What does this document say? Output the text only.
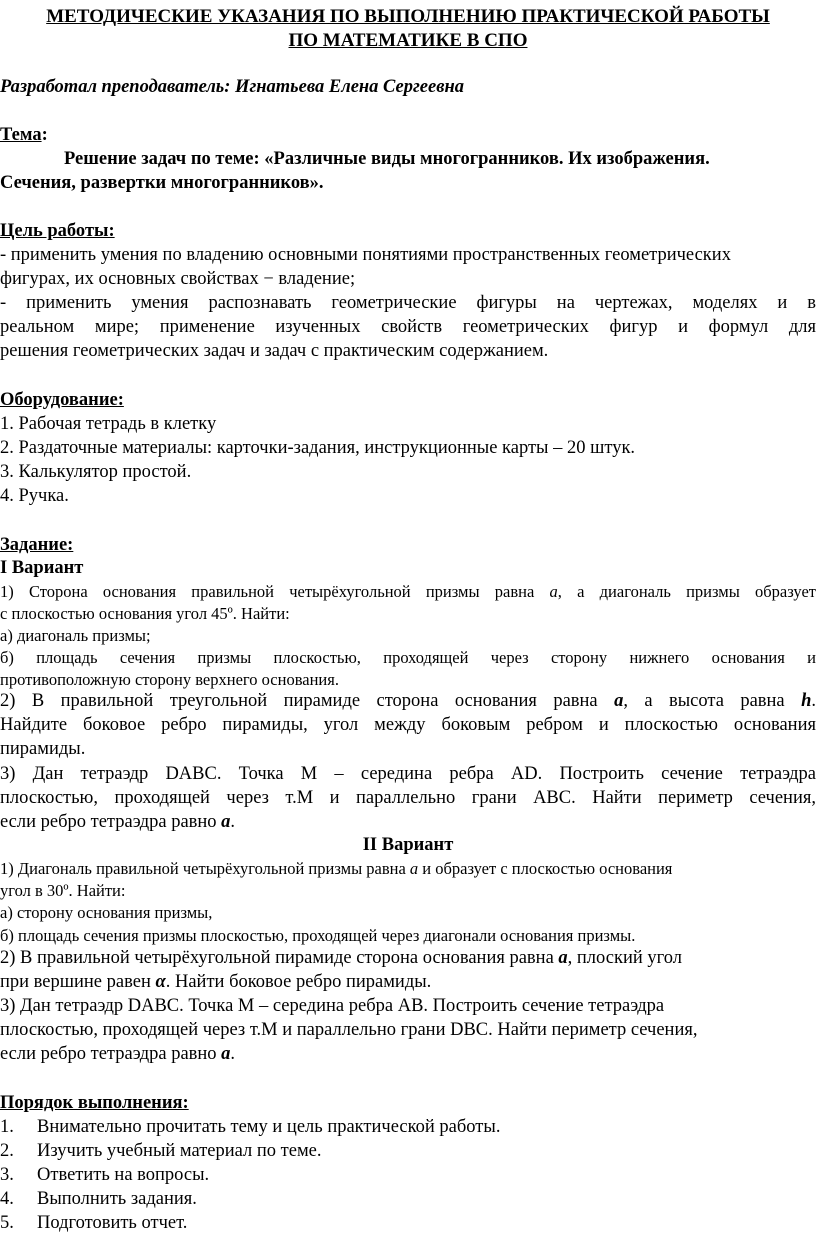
МЕТОДИЧЕСКИЕ УКАЗАНИЯ ПО ВЫПОЛНЕНИЮ ПРАКТИЧЕСКОЙ РАБОТЫ
ПО МАТЕМАТИКЕ В СПО
Разработал преподаватель: Игнатьева Елена Сергеевна
Тема:
Решение задач по теме: «Различные виды многогранников. Их изображения.
Сечения, развертки многогранников».
Цель работы:
- применить умения по владению основными понятиями пространственных геометрических
фигурах, их основных свойствах − владение;
- применить умения распознавать геометрические фигуры на чертежах, моделях и в
реальном мире; применение изученных свойств геометрических фигур и формул для
решения геометрических задач и задач с практическим содержанием.
Оборудование:
1. Рабочая тетрадь в клетку
2. Раздаточные материалы: карточки-задания, инструкционные карты – 20 штук.
3. Калькулятор простой.
4. Ручка.
Задание:
I Вариант
1) Сторона основания правильной четырёхугольной призмы равна a, а диагональ призмы образует
с плоскостью основания угол 45º. Найти:
а) диагональ призмы;
б) площадь сечения призмы плоскостью, проходящей через сторону нижнего основания и
противоположную сторону верхнего основания.
2) В правильной треугольной пирамиде сторона основания равна a, а высота равна h.
Найдите боковое ребро пирамиды, угол между боковым ребром и плоскостью основания
пирамиды.
3) Дан тетраэдр DABC. Точка М – середина ребра AD. Построить сечение тетраэдра
плоскостью, проходящей через т.М и параллельно грани АВС. Найти периметр сечения,
если ребро тетраэдра равно a.
II Вариант
1) Диагональ правильной четырёхугольной призмы равна a и образует с плоскостью основания
угол в 30º. Найти:
а) сторону основания призмы,
б) площадь сечения призмы плоскостью, проходящей через диагонали основания призмы.
2) В правильной четырёхугольной пирамиде сторона основания равна a, плоский угол
при вершине равен α. Найти боковое ребро пирамиды.
3) Дан тетраэдр DABC. Точка М – середина ребра AB. Построить сечение тетраэдра
плоскостью, проходящей через т.М и параллельно грани DBC. Найти периметр сечения,
если ребро тетраэдра равно a.
Порядок выполнения:
1. Внимательно прочитать тему и цель практической работы.
2. Изучить учебный материал по теме.
3. Ответить на вопросы.
4. Выполнить задания.
5. Подготовить отчет.
